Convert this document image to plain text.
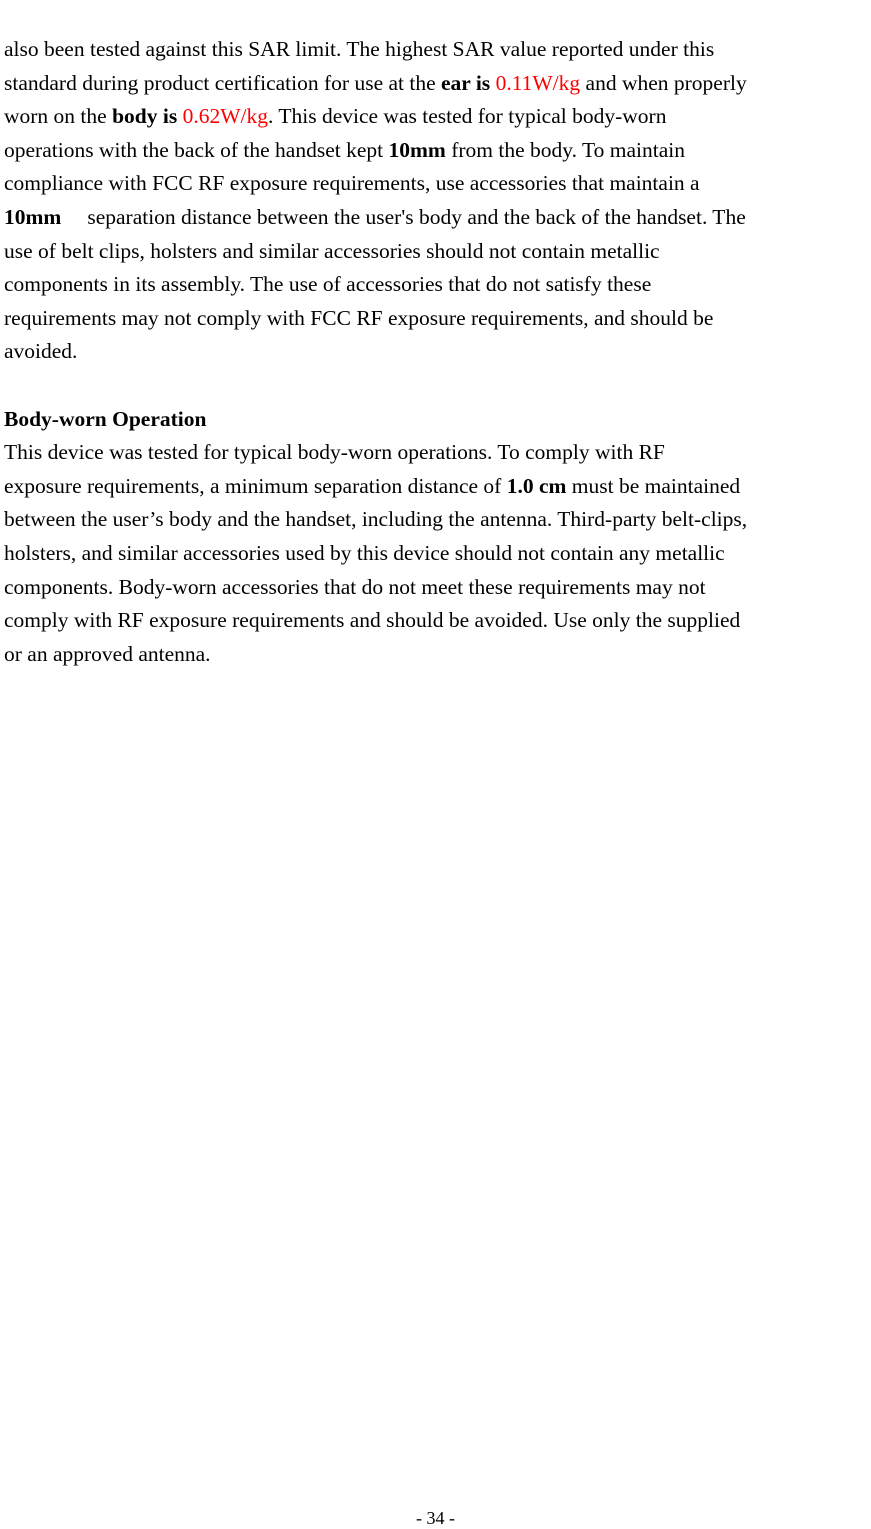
also been tested against this SAR limit. The highest SAR value reported under this
standard during product certification for use at the ear is 0.11W/kg and when properly
worn on the body is 0.62W/kg. This device was tested for typical body-worn
operations with the back of the handset kept 10mm from the body. To maintain
compliance with FCC RF exposure requirements, use accessories that maintain a
10mm separation distance between the user's body and the back of the handset. The
use of belt clips, holsters and similar accessories should not contain metallic
components in its assembly. The use of accessories that do not satisfy these
requirements may not comply with FCC RF exposure requirements, and should be
avoided.
Body-worn Operation
This device was tested for typical body-worn operations. To comply with RF
exposure requirements, a minimum separation distance of 1.0 cm must be maintained
between the user’s body and the handset, including the antenna. Third-party belt-clips,
holsters, and similar accessories used by this device should not contain any metallic
components. Body-worn accessories that do not meet these requirements may not
comply with RF exposure requirements and should be avoided. Use only the supplied
or an approved antenna.
- 34 -
